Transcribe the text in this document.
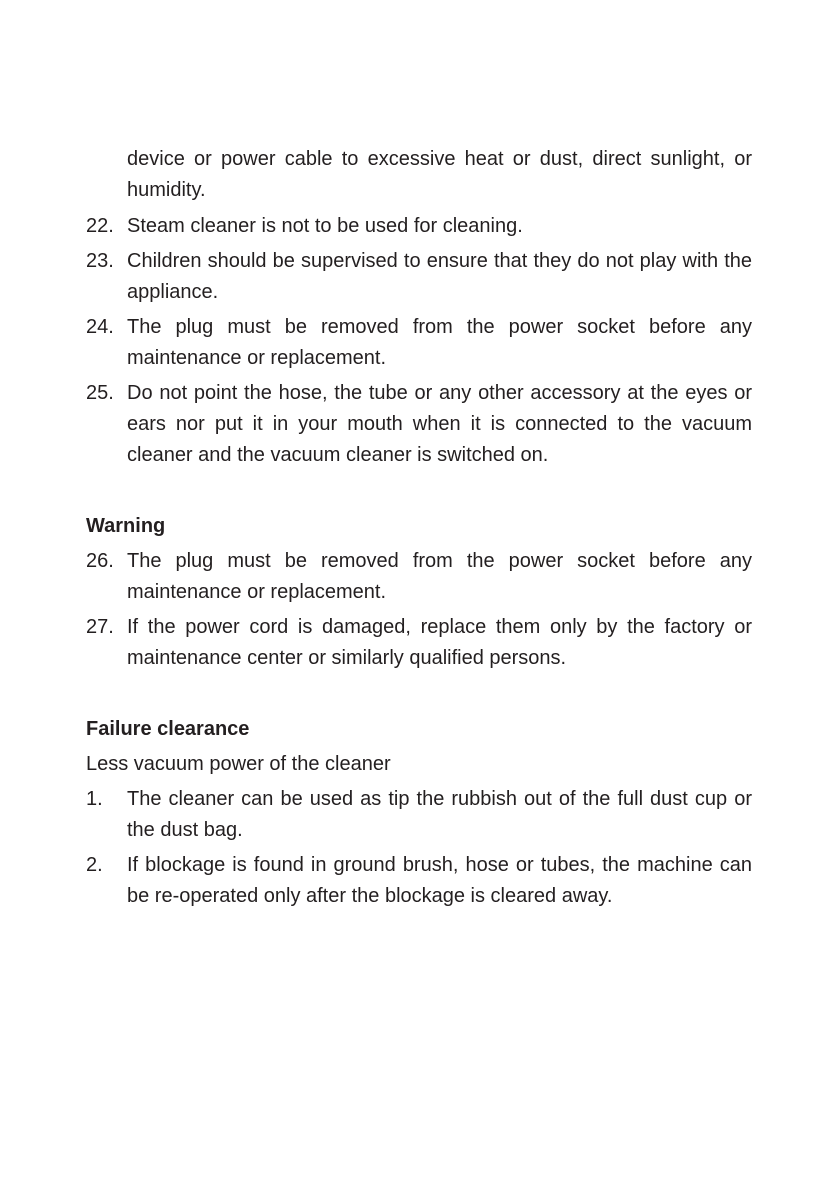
device or power cable to excessive heat or dust, direct sunlight, or humidity.

22. Steam cleaner is not to be used for cleaning.
23. Children should be supervised to ensure that they do not play with the appliance.
24. The plug must be removed from the power socket before any maintenance or replacement.
25. Do not point the hose, the tube or any other accessory at the eyes or ears nor put it in your mouth when it is connected to the vacuum cleaner and the vacuum cleaner is switched on.
Warning
26. The plug must be removed from the power socket before any maintenance or replacement.
27. If the power cord is damaged, replace them only by the factory or maintenance center or similarly qualified persons.
Failure clearance

Less vacuum power of the cleaner

1.	The cleaner can be used as tip the rubbish out of the full dust cup or the dust bag.
2.	If blockage is found in ground brush, hose or tubes, the machine can be re-operated only after the blockage is cleared away.
